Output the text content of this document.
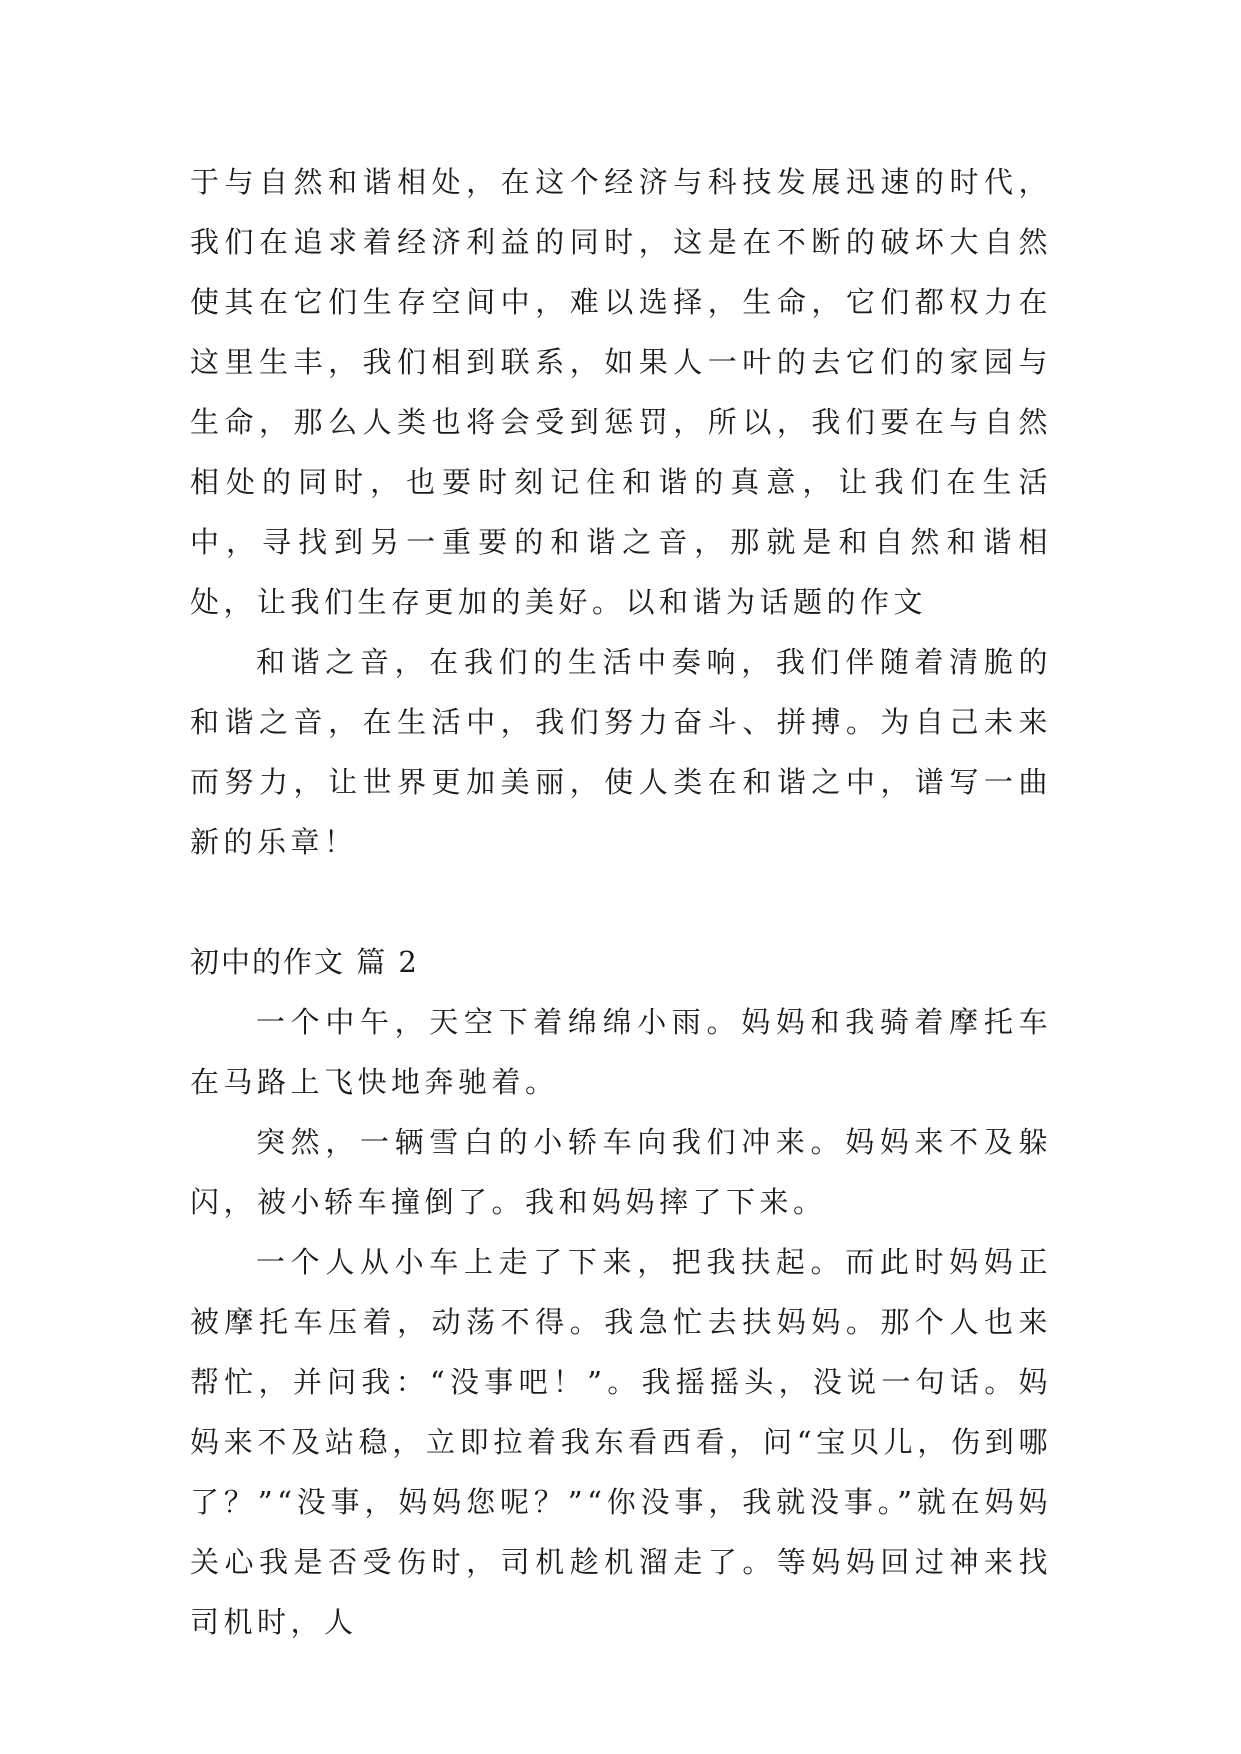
于与自然和谐相处，在这个经济与科技发展迅速的时代，我们在追求着经济利益的同时，这是在不断的破坏大自然使其在它们生存空间中，难以选择，生命，它们都权力在这里生丰，我们相到联系，如果人一叶的去它们的家园与生命，那么人类也将会受到惩罚，所以，我们要在与自然相处的同时，也要时刻记住和谐的真意，让我们在生活中，寻找到另一重要的和谐之音，那就是和自然和谐相处，让我们生存更加的美好。以和谐为话题的作文

和谐之音，在我们的生活中奏响，我们伴随着清脆的和谐之音，在生活中，我们努力奋斗、拼搏。为自己未来而努力，让世界更加美丽，使人类在和谐之中，谱写一曲新的乐章！

初中的作文 篇 2

一个中午，天空下着绵绵小雨。妈妈和我骑着摩托车在马路上飞快地奔驰着。

突然，一辆雪白的小轿车向我们冲来。妈妈来不及躲闪，被小轿车撞倒了。我和妈妈摔了下来。

一个人从小车上走了下来，把我扶起。而此时妈妈正被摩托车压着，动荡不得。我急忙去扶妈妈。那个人也来帮忙，并问我：“没事吧！”。我摇摇头，没说一句话。妈妈来不及站稳，立即拉着我东看西看，问“宝贝儿，伤到哪了？”“没事，妈妈您呢？”“你没事，我就没事。”就在妈妈关心我是否受伤时，司机趁机溜走了。等妈妈回过神来找司机时，人
